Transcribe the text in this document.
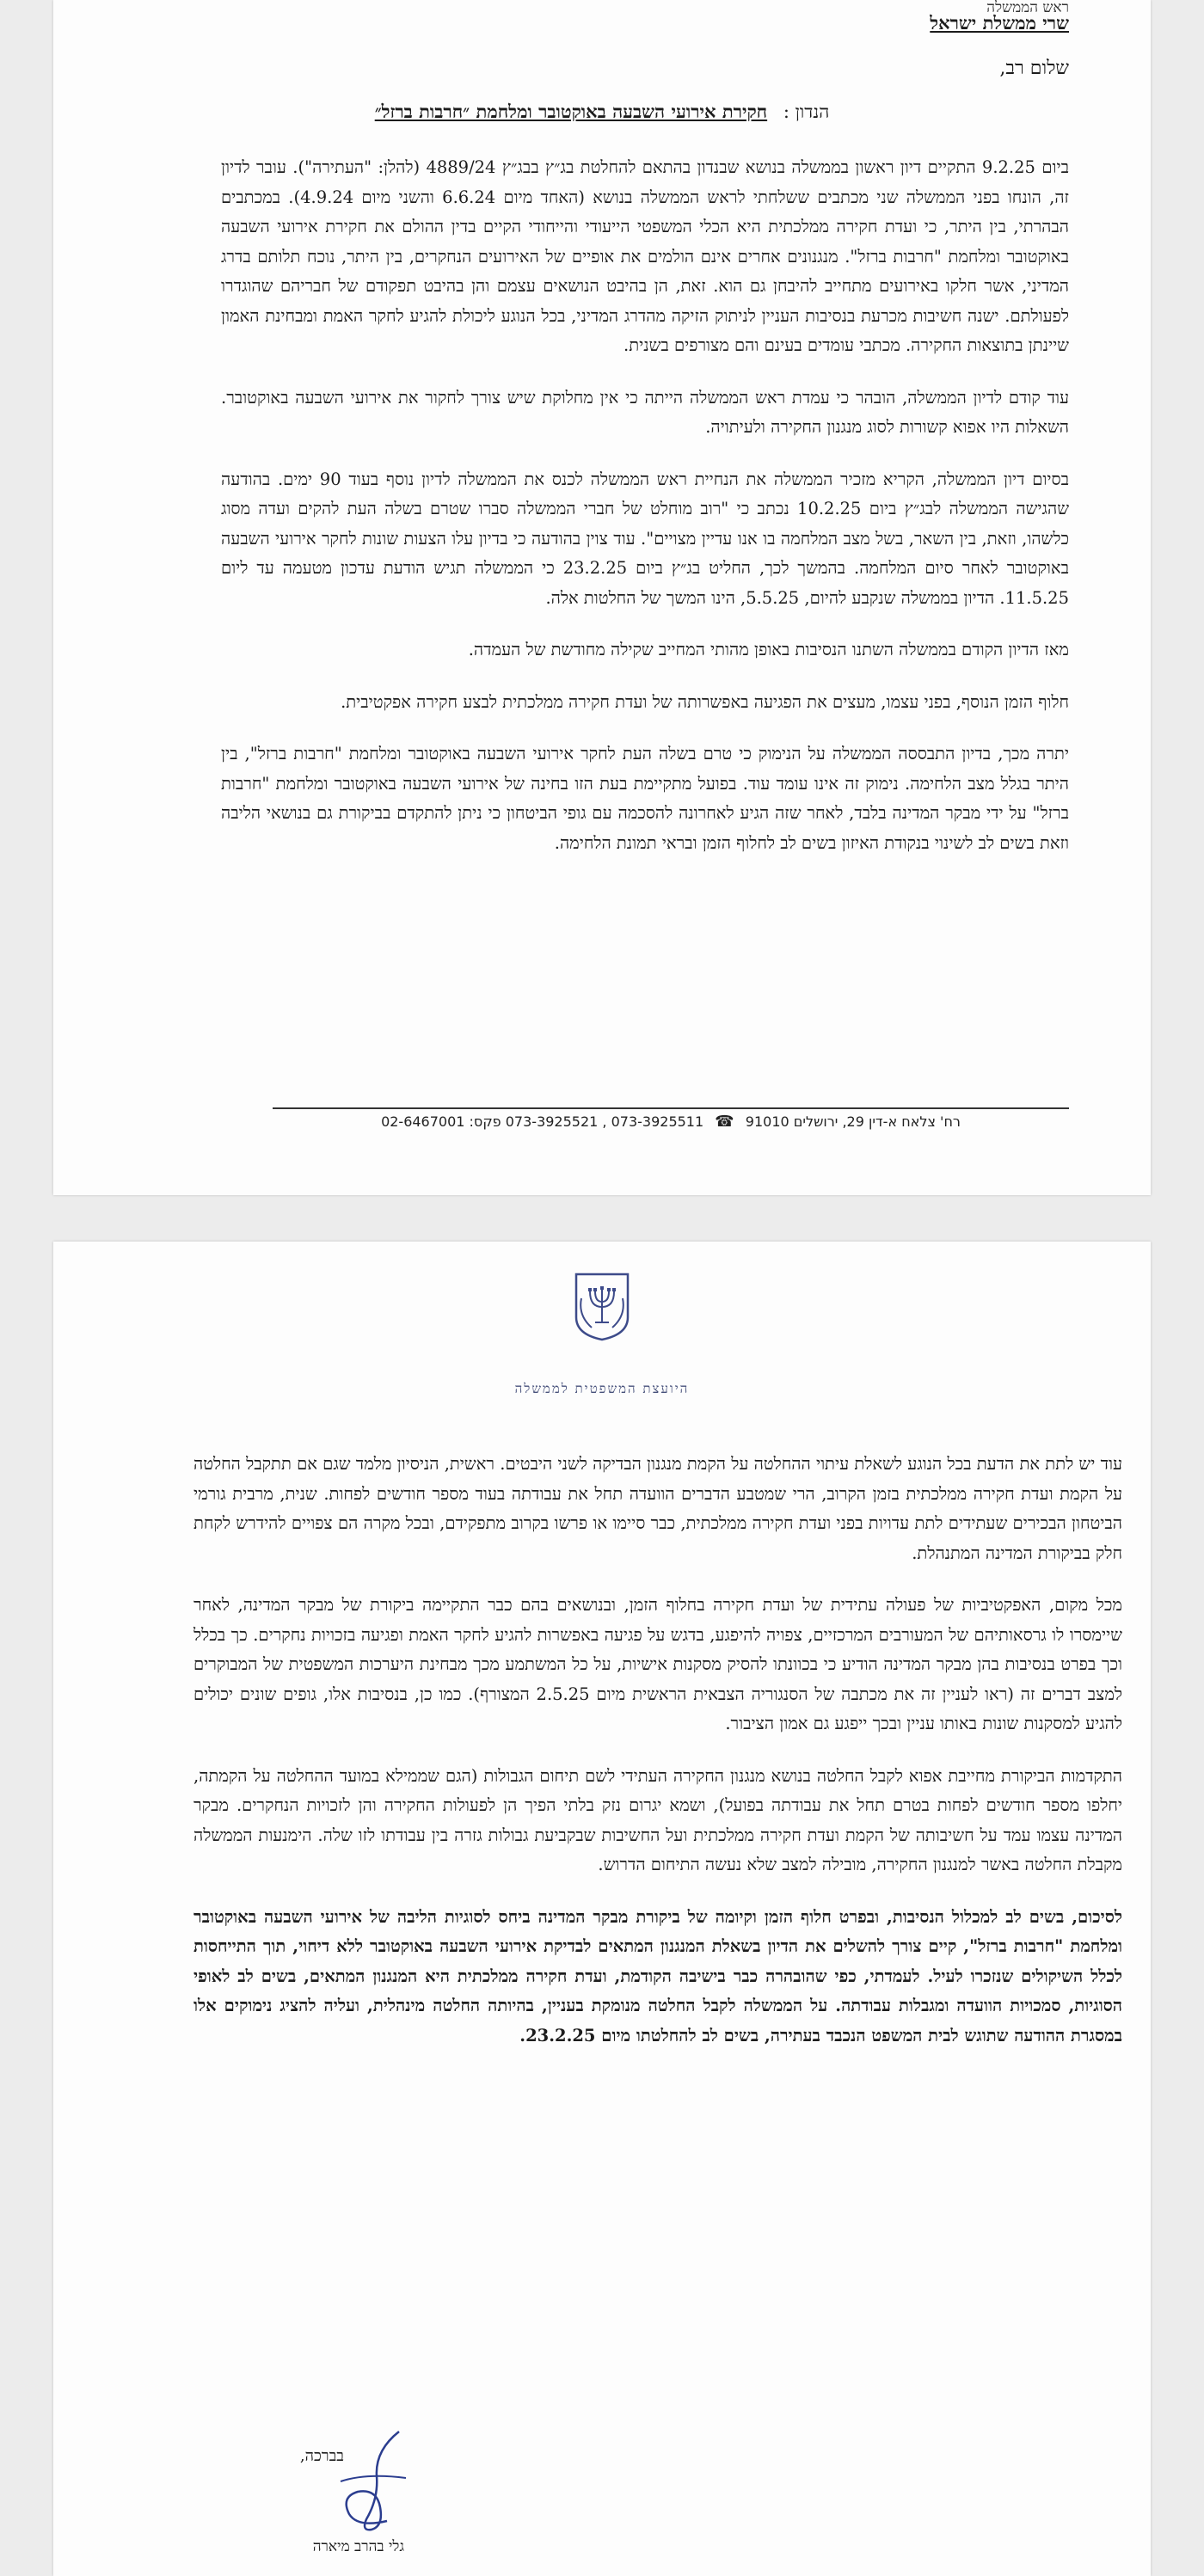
ראש הממשלה
שרי ממשלת ישראל
שלום רב,
הנדון : חקירת אירועי השבעה באוקטובר ומלחמת ״חרבות ברזל״

ביום 9.2.25 התקיים דיון ראשון בממשלה בנושא שבנדון בהתאם להחלטת בג״ץ בבג״ץ 4889/24 (להלן: "העתירה"). עובר לדיון זה, הונחו בפני הממשלה שני מכתבים ששלחתי לראש הממשלה בנושא (האחד מיום 6.6.24 והשני מיום 4.9.24). במכתבים הבהרתי, בין היתר, כי ועדת חקירה ממלכתית היא הכלי המשפטי הייעודי והייחודי הקיים בדין ההולם את חקירת אירועי השבעה באוקטובר ומלחמת "חרבות ברזל". מנגנונים אחרים אינם הולמים את אופיים של האירועים הנחקרים, בין היתר, נוכח תלותם בדרג המדיני, אשר חלקו באירועים מתחייב להיבחן גם הוא. זאת, הן בהיבט הנושאים עצמם והן בהיבט תפקודם של חבריהם שהוגדרו לפעולתם. ישנה חשיבות מכרעת בנסיבות העניין לניתוק הזיקה מהדרג המדיני, בכל הנוגע ליכולת להגיע לחקר האמת ומבחינת האמון שיינתן בתוצאות החקירה. מכתבי עומדים בעינם והם מצורפים בשנית.

עוד קודם לדיון הממשלה, הובהר כי עמדת ראש הממשלה הייתה כי אין מחלוקת שיש צורך לחקור את אירועי השבעה באוקטובר. השאלות היו אפוא קשורות לסוג מנגנון החקירה ולעיתויה.

בסיום דיון הממשלה, הקריא מזכיר הממשלה את הנחיית ראש הממשלה לכנס את הממשלה לדיון נוסף בעוד 90 ימים. בהודעה שהגישה הממשלה לבג״ץ ביום 10.2.25 נכתב כי "רוב מוחלט של חברי הממשלה סברו שטרם בשלה העת להקים ועדה מסוג כלשהו, וזאת, בין השאר, בשל מצב המלחמה בו אנו עדיין מצויים". עוד צוין בהודעה כי בדיון עלו הצעות שונות לחקר אירועי השבעה באוקטובר לאחר סיום המלחמה. בהמשך לכך, החליט בג״ץ ביום 23.2.25 כי הממשלה תגיש הודעת עדכון מטעמה עד ליום 11.5.25. הדיון בממשלה שנקבע להיום, 5.5.25, הינו המשך של החלטות אלה.

מאז הדיון הקודם בממשלה השתנו הנסיבות באופן מהותי המחייב שקילה מחודשת של העמדה.

חלוף הזמן הנוסף, בפני עצמו, מעצים את הפגיעה באפשרותה של ועדת חקירה ממלכתית לבצע חקירה אפקטיבית.

יתרה מכך, בדיון התבססה הממשלה על הנימוק כי טרם בשלה העת לחקר אירועי השבעה באוקטובר ומלחמת "חרבות ברזל", בין היתר בגלל מצב הלחימה. נימוק זה אינו עומד עוד. בפועל מתקיימת בעת הזו בחינה של אירועי השבעה באוקטובר ומלחמת "חרבות ברזל" על ידי מבקר המדינה בלבד, לאחר שזה הגיע לאחרונה להסכמה עם גופי הביטחון כי ניתן להתקדם בביקורת גם בנושאי הליבה וזאת בשים לב לשינוי בנקודת האיזון בשים לב לחלוף הזמן ובראי תמונת הלחימה.

רח' צלאח א-דין 29, ירושלים 91010 ☎ 073-3925511 , 073-3925521 פקס: 02-6467001
היועצת המשפטית לממשלה

עוד יש לתת את הדעת בכל הנוגע לשאלת עיתוי ההחלטה על הקמת מנגנון הבדיקה לשני היבטים. ראשית, הניסיון מלמד שגם אם תתקבל החלטה על הקמת ועדת חקירה ממלכתית בזמן הקרוב, הרי שמטבע הדברים הוועדה תחל את עבודתה בעוד מספר חודשים לפחות. שנית, מרבית גורמי הביטחון הבכירים שעתידים לתת עדויות בפני ועדת חקירה ממלכתית, כבר סיימו או פרשו בקרוב מתפקידם, ובכל מקרה הם צפויים להידרש לקחת חלק בביקורת המדינה המתנהלת.

מכל מקום, האפקטיביות של פעולה עתידית של ועדת חקירה בחלוף הזמן, ובנושאים בהם כבר התקיימה ביקורת של מבקר המדינה, לאחר שיימסרו לו גרסאותיהם של המעורבים המרכזיים, צפויה להיפגע, בדגש על פגיעה באפשרות להגיע לחקר האמת ופגיעה בזכויות נחקרים. כך בכלל וכך בפרט בנסיבות בהן מבקר המדינה הודיע כי בכוונתו להסיק מסקנות אישיות, על כל המשתמע מכך מבחינת היערכות המשפטית של המבוקרים למצב דברים זה (ראו לעניין זה את מכתבה של הסנגוריה הצבאית הראשית מיום 2.5.25 המצורף). כמו כן, בנסיבות אלו, גופים שונים יכולים להגיע למסקנות שונות באותו עניין ובכך ייפגע גם אמון הציבור.

התקדמות הביקורת מחייבת אפוא לקבל החלטה בנושא מנגנון החקירה העתידי לשם תיחום הגבולות (הגם שממילא במועד ההחלטה על הקמתה, יחלפו מספר חודשים לפחות בטרם תחל את עבודתה בפועל), ושמא יגרום נזק בלתי הפיך הן לפעולות החקירה והן לזכויות הנחקרים. מבקר המדינה עצמו עמד על חשיבותה של הקמת ועדת חקירה ממלכתית ועל החשיבות שבקביעת גבולות גזרה בין עבודתו לזו שלה. הימנעות הממשלה מקבלת החלטה באשר למנגנון החקירה, מובילה למצב שלא נעשה התיחום הדרוש.

לסיכום, בשים לב למכלול הנסיבות, ובפרט חלוף הזמן וקיומה של ביקורת מבקר המדינה ביחס לסוגיות הליבה של אירועי השבעה באוקטובר ומלחמת "חרבות ברזל", קיים צורך להשלים את הדיון בשאלת המנגנון המתאים לבדיקת אירועי השבעה באוקטובר ללא דיחוי, תוך התייחסות לכלל השיקולים שנזכרו לעיל. לעמדתי, כפי שהובהרה כבר בישיבה הקודמת, ועדת חקירה ממלכתית היא המנגנון המתאים, בשים לב לאופי הסוגיות, סמכויות הוועדה ומגבלות עבודתה. על הממשלה לקבל החלטה מנומקת בעניין, בהיותה החלטה מינהלית, ועליה להציג נימוקים אלו במסגרת ההודעה שתוגש לבית המשפט הנכבד בעתירה, בשים לב להחלטתו מיום 23.2.25.

בברכה,
גלי בהרב מיארה
